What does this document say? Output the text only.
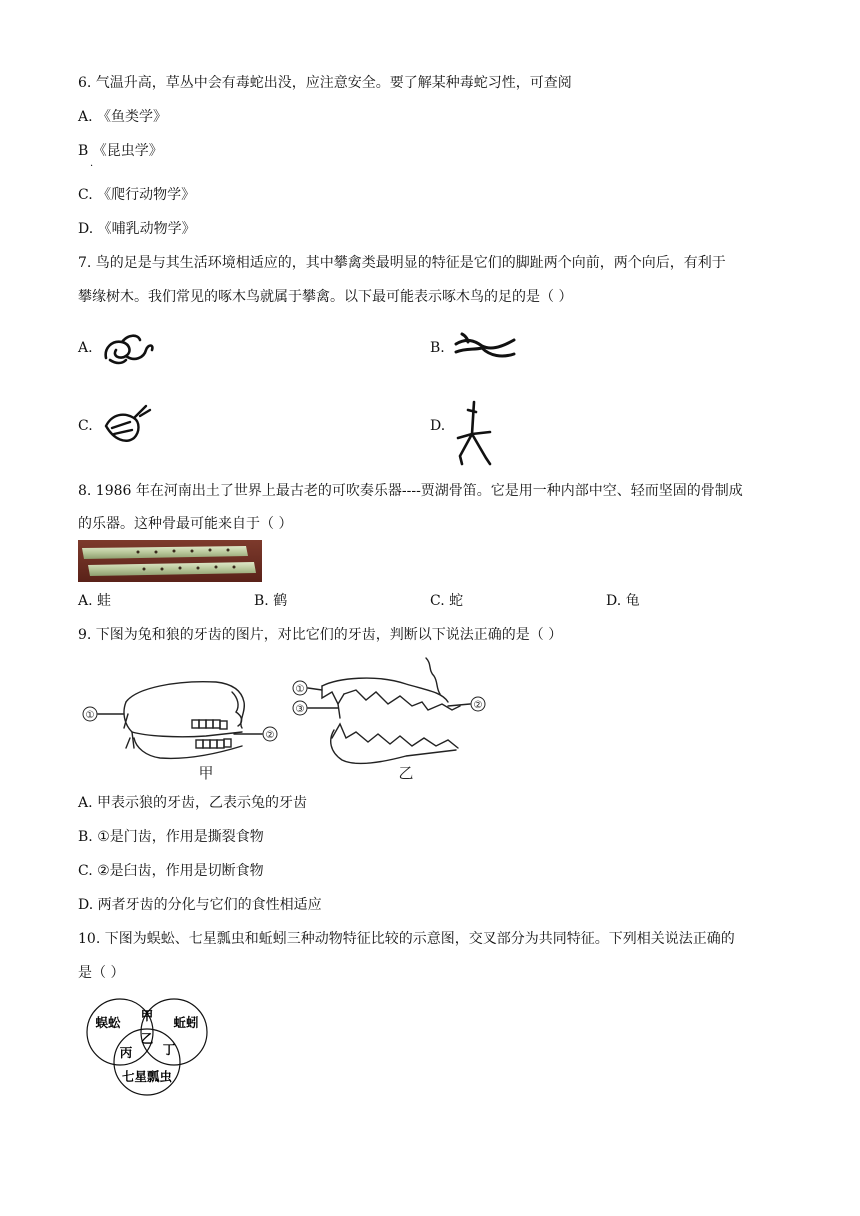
6. 气温升高，草丛中会有毒蛇出没，应注意安全。要了解某种毒蛇习性，可查阅
A. 《鱼类学》
B 《昆虫学》
·
C. 《爬行动物学》
D. 《哺乳动物学》
7. 鸟的足是与其生活环境相适应的，其中攀禽类最明显的特征是它们的脚趾两个向前，两个向后，有利于
攀缘树木。我们常见的啄木鸟就属于攀禽。以下最可能表示啄木鸟的足的是（ ）
A.	B.
C.	D.
8. 1986 年在河南出土了世界上最古老的可吹奏乐器----贾湖骨笛。它是用一种内部中空、轻而坚固的骨制成
的乐器。这种骨最可能来自于（ ）
A. 蛙	B. 鹤	C. 蛇	D. 龟
9. 下图为兔和狼的牙齿的图片，对比它们的牙齿，判断以下说法正确的是（ ）
①
②
甲
①
③	②
乙
A. 甲表示狼的牙齿，乙表示兔的牙齿
B. ①是门齿，作用是撕裂食物
C. ②是臼齿，作用是切断食物
D. 两者牙齿的分化与它们的食性相适应
10. 下图为蜈蚣、七星瓢虫和蚯蚓三种动物特征比较的示意图，交叉部分为共同特征。下列相关说法正确的
是（ ）
蜈蚣	蚯蚓
七星瓢虫
甲
乙
丙 丁
